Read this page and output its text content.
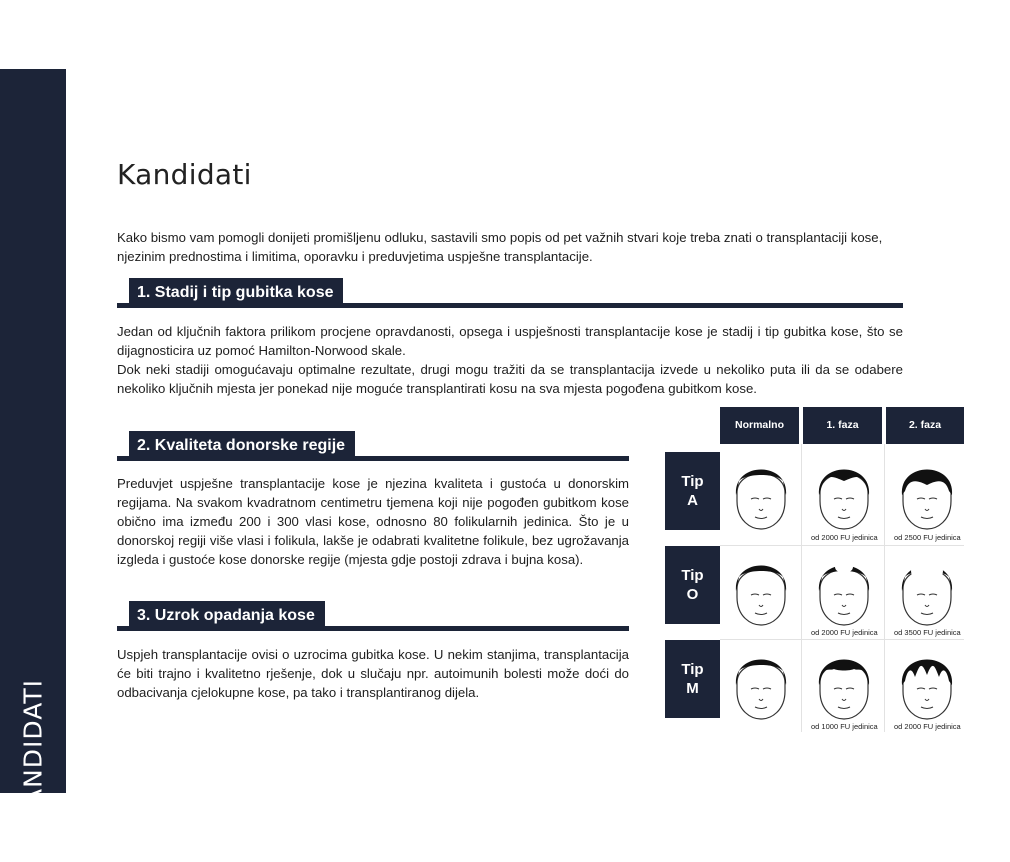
KANDIDATI
Kandidati

Kako bismo vam pomogli donijeti promišljenu odluku, sastavili smo popis od pet važnih stvari koje treba znati o transplantaciji kose, njezinim prednostima i limitima, oporavku i preduvjetima uspješne transplantacije.

1. Stadij i tip gubitka kose
Jedan od ključnih faktora prilikom procjene opravdanosti, opsega i uspješnosti transplantacije kose je stadij i tip gubitka kose, što se dijagnosticira uz pomoć Hamilton-Norwood skale.
Dok neki stadiji omogućavaju optimalne rezultate, drugi mogu tražiti da se transplantacija izvede u nekoliko puta ili da se odabere nekoliko ključnih mjesta jer ponekad nije moguće transplantirati kosu na sva mjesta pogođena gubitkom kose.
2. Kvaliteta donorske regije

Preduvjet uspješne transplantacije kose je njezina kvaliteta i gustoća u donorskim regijama. Na svakom kvadratnom centimetru tjemena koji nije pogođen gubitkom kose obično ima između 200 i 300 vlasi kose, odnosno 80 folikularnih jedinica. Što je u donorskoj regiji više vlasi i folikula, lakše je odabrati kvalitetne folikule, bez ugrožavanja izgleda i gustoće kose donorske regije (mjesta gdje postoji zdrava i bujna kosa).

3. Uzrok opadanja kose

Uspjeh transplantacije ovisi o uzrocima gubitka kose. U nekim stanjima, transplantacija će biti trajno i kvalitetno rješenje, dok u slučaju npr. autoimunih bolesti može doći do odbacivanja cjelokupne kose, pa tako i transplantiranog dijela.

Normalno	1. faza	2. faza
Tip
A
Tip
O
Tip
M
od 2000 FU jedinica od 2500 FU jedinica
od 2000 FU jedinica od 3500 FU jedinica
od 1000 FU jedinica od 2000 FU jedinica
